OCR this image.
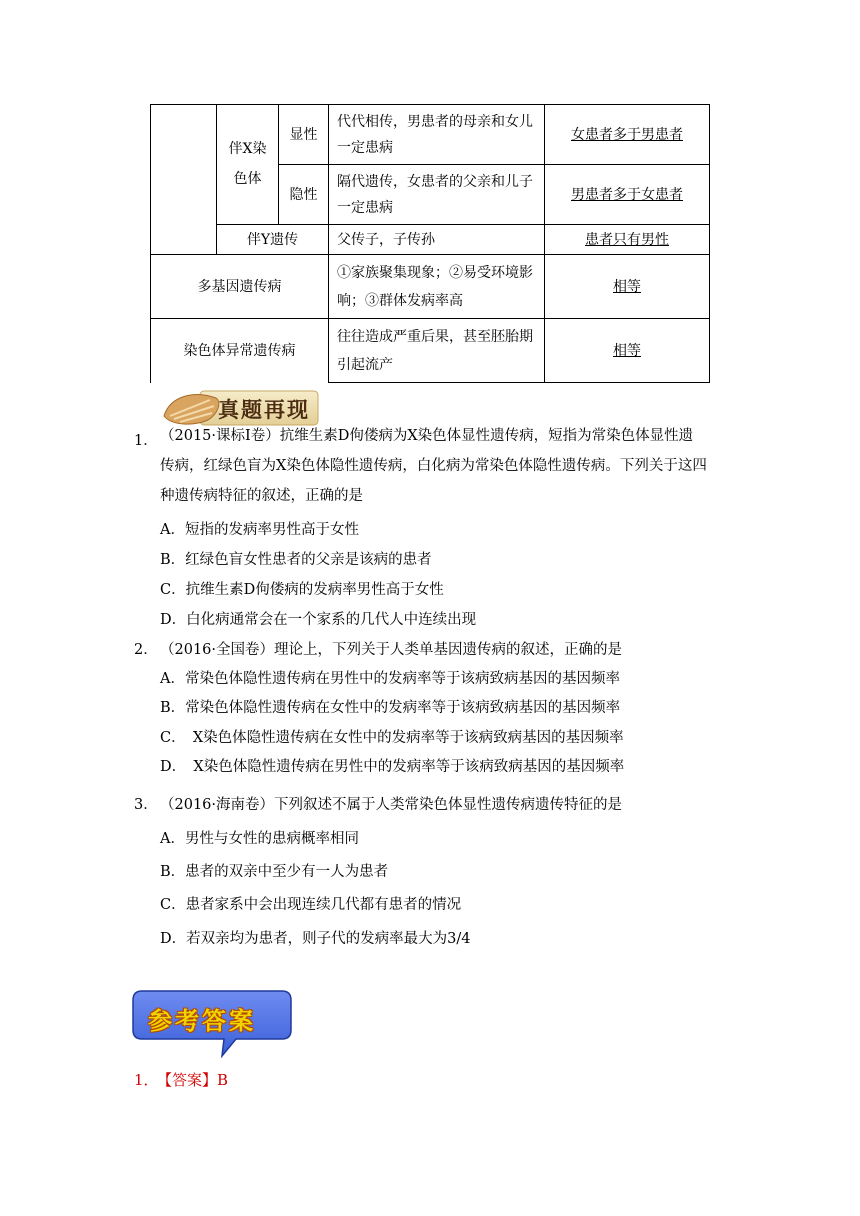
伴X染色体
显性
代代相传，男患者的母亲和女儿一定患病
女患者多于男患者
隐性
隔代遗传，女患者的父亲和儿子一定患病
男患者多于女患者
伴Y遗传	父传子，子传孙	患者只有男性
多基因遗传病
①家族聚集现象；②易受环境影响；③群体发病率高
相等
染色体异常遗传病
往往造成严重后果，甚至胚胎期引起流产
相等
真题再现
1． （2015·课标Ⅰ卷）抗维生素D佝偻病为X染色体显性遗传病，短指为常染色体显性遗
传病，红绿色盲为X染色体隐性遗传病，白化病为常染色体隐性遗传病。下列关于这四
种遗传病特征的叙述，正确的是
A．短指的发病率男性高于女性
B．红绿色盲女性患者的父亲是该病的患者
C．抗维生素D佝偻病的发病率男性高于女性
D．白化病通常会在一个家系的几代人中连续出现
2． （2016·全国卷）理论上，下列关于人类单基因遗传病的叙述，正确的是
A．常染色体隐性遗传病在男性中的发病率等于该病致病基因的基因频率
B．常染色体隐性遗传病在女性中的发病率等于该病致病基因的基因频率
C．　X染色体隐性遗传病在女性中的发病率等于该病致病基因的基因频率
D．　X染色体隐性遗传病在男性中的发病率等于该病致病基因的基因频率
3． （2016·海南卷）下列叙述不属于人类常染色体显性遗传病遗传特征的是
A．男性与女性的患病概率相同
B．患者的双亲中至少有一人为患者
C．患者家系中会出现连续几代都有患者的情况
D．若双亲均为患者，则子代的发病率最大为3/4
参考答案
1． 【答案】B
